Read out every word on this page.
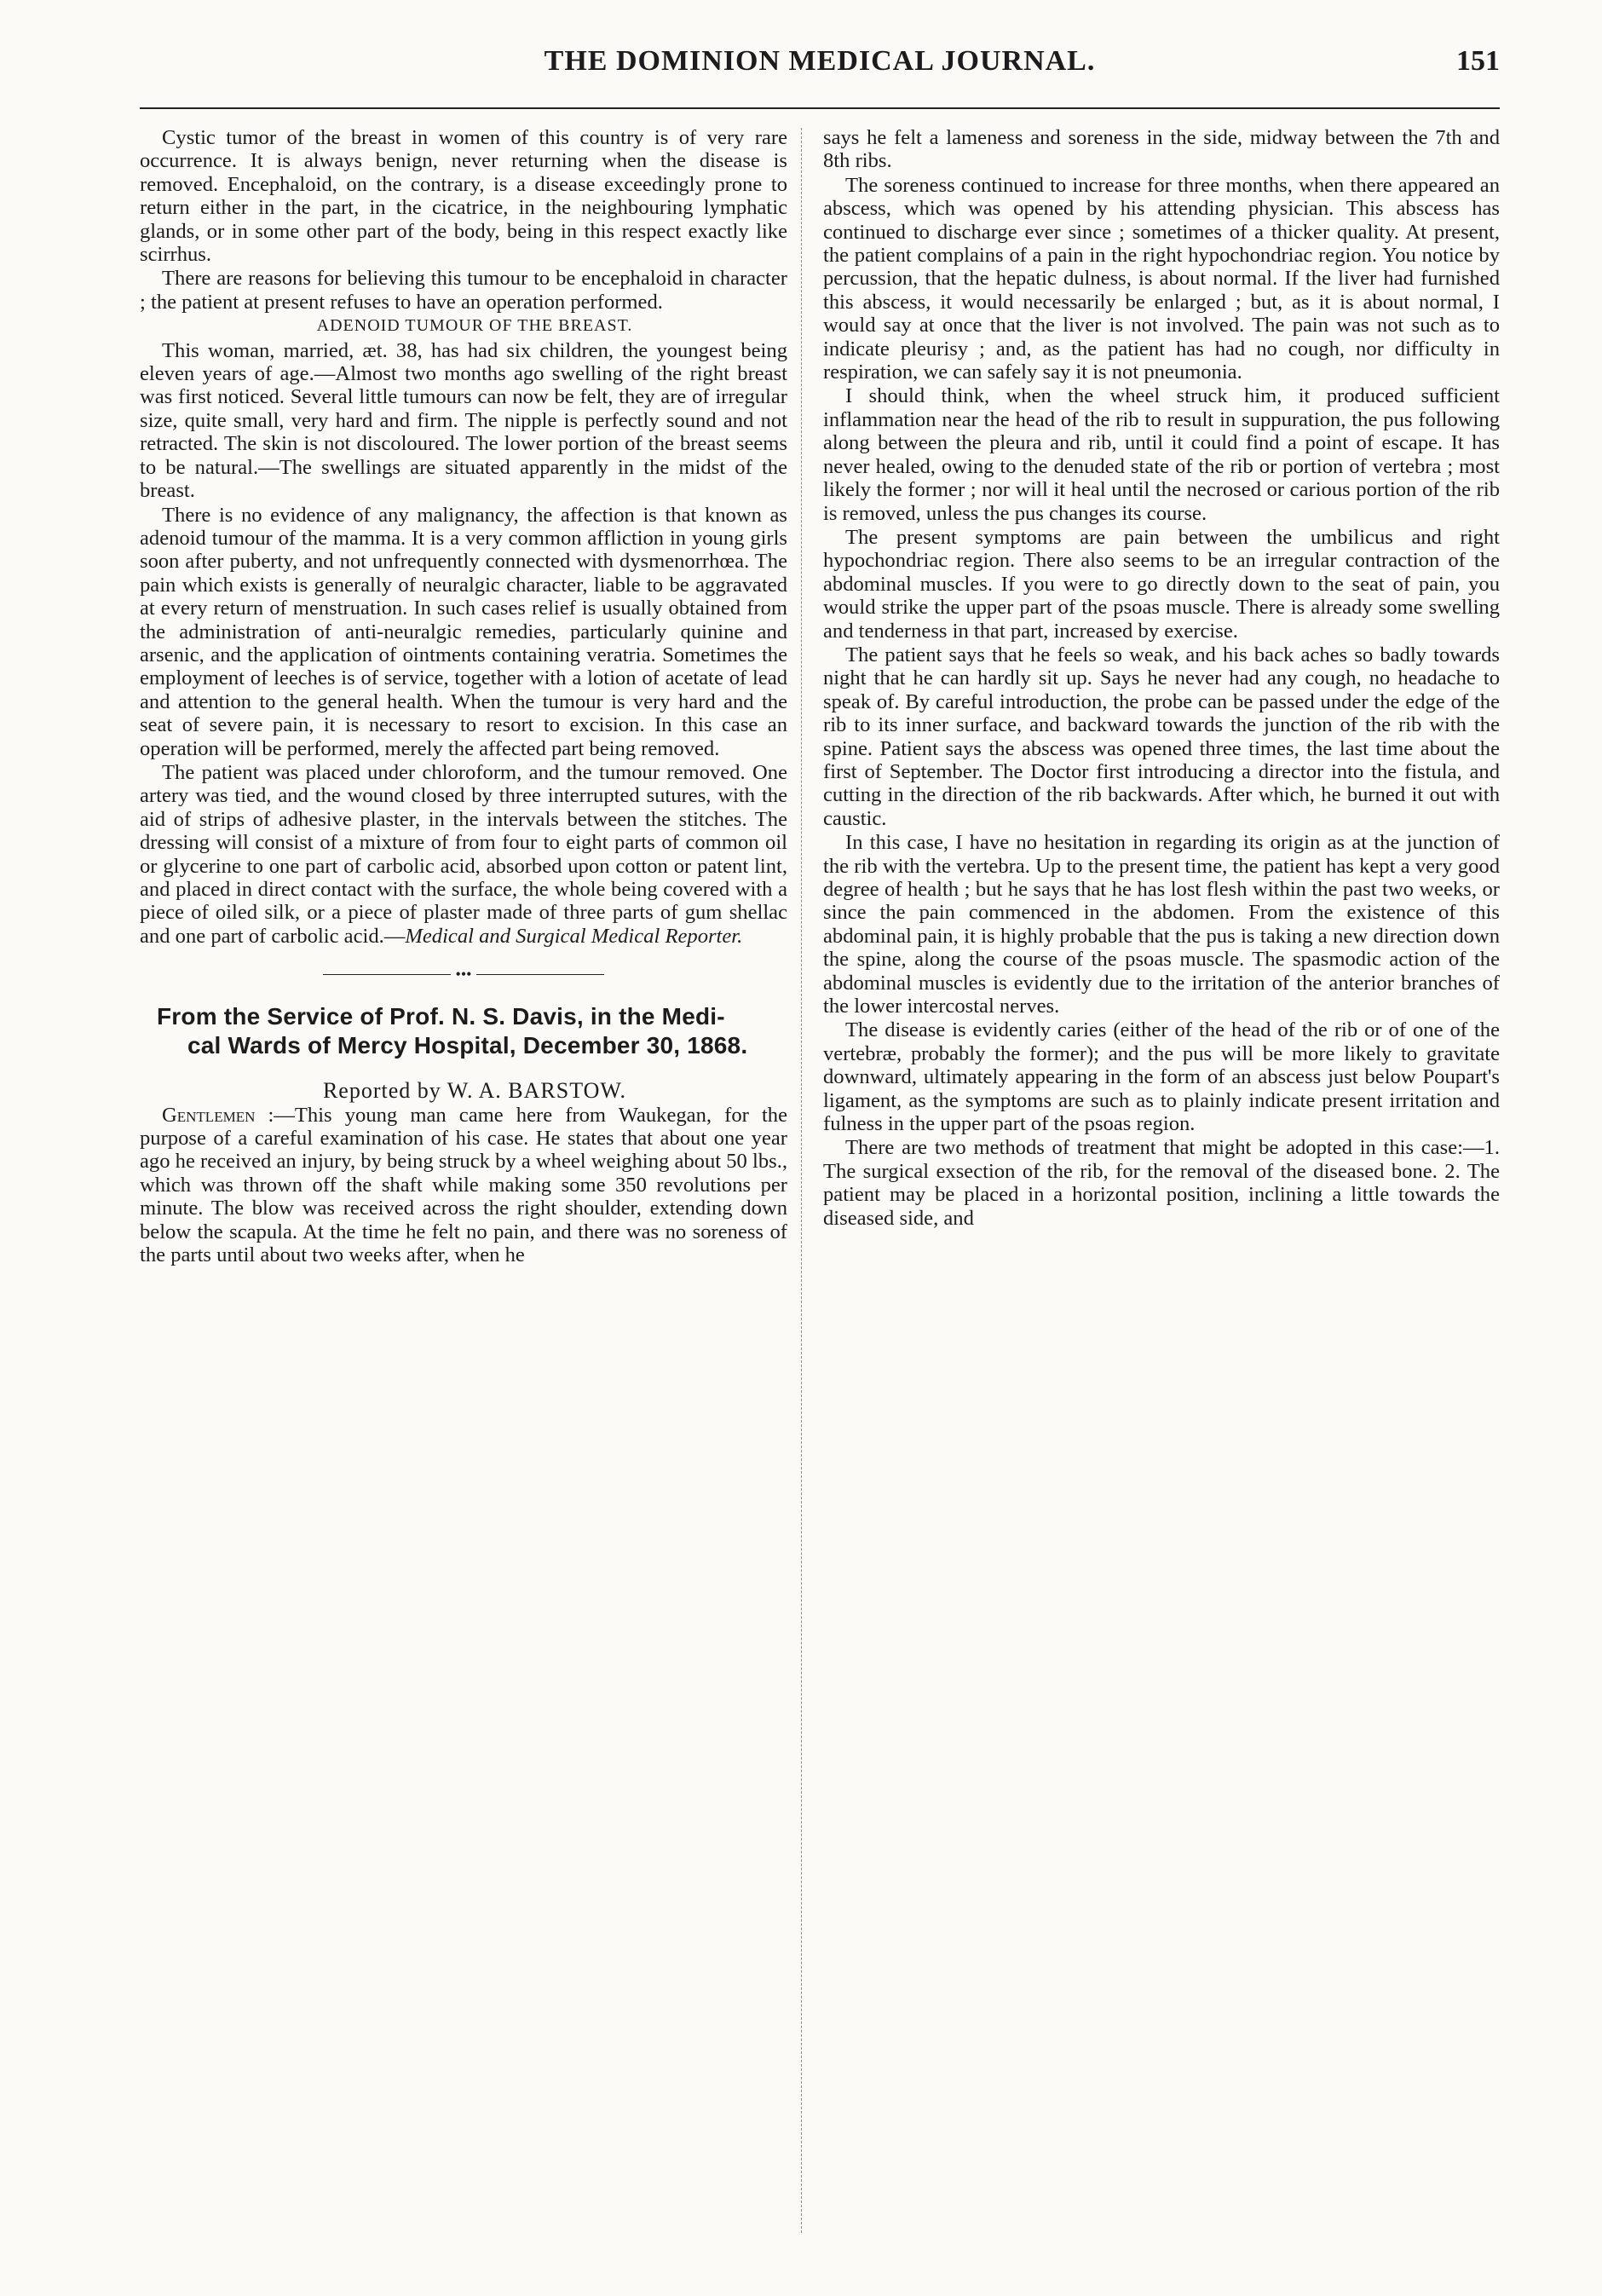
THE DOMINION MEDICAL JOURNAL.	151

Cystic tumor of the breast in women of this country is of very rare occurrence. It is always benign, never returning when the disease is removed. Encephaloid, on the contrary, is a disease exceedingly prone to return either in the part, in the cicatrice, in the neighbouring lymphatic glands, or in some other part of the body, being in this respect exactly like scirrhus.

There are reasons for believing this tumour to be encephaloid in character ; the patient at present refuses to have an operation performed.

ADENOID TUMOUR OF THE BREAST.

This woman, married, æt. 38, has had six children, the youngest being eleven years of age.—Almost two months ago swelling of the right breast was first noticed. Several little tumours can now be felt, they are of irregular size, quite small, very hard and firm. The nipple is perfectly sound and not retracted. The skin is not discoloured. The lower portion of the breast seems to be natural.—The swellings are situated apparently in the midst of the breast.

There is no evidence of any malignancy, the affection is that known as adenoid tumour of the mamma. It is a very common affliction in young girls soon after puberty, and not unfrequently connected with dysmenorrhœa. The pain which exists is generally of neuralgic character, liable to be aggravated at every return of menstruation. In such cases relief is usually obtained from the administration of anti-neuralgic remedies, particularly quinine and arsenic, and the application of ointments containing veratria. Sometimes the employment of leeches is of service, together with a lotion of acetate of lead and attention to the general health. When the tumour is very hard and the seat of severe pain, it is necessary to resort to excision. In this case an operation will be performed, merely the affected part being removed.

The patient was placed under chloroform, and the tumour removed. One artery was tied, and the wound closed by three interrupted sutures, with the aid of strips of adhesive plaster, in the intervals between the stitches. The dressing will consist of a mixture of from four to eight parts of common oil or glycerine to one part of carbolic acid, absorbed upon cotton or patent lint, and placed in direct contact with the surface, the whole being covered with a piece of oiled silk, or a piece of plaster made of three parts of gum shellac and one part of carbolic acid.—Medical and Surgical Medical Reporter.

•••
From the Service of Prof. N. S. Davis, in the Medi-
cal Wards of Mercy Hospital, December 30, 1868.

Reported by W. A. BARSTOW.

Gentlemen :—This young man came here from Waukegan, for the purpose of a careful examination of his case. He states that about one year ago he received an injury, by being struck by a wheel weighing about 50 lbs., which was thrown off the shaft while making some 350 revolutions per minute. The blow was received across the right shoulder, extending down below the scapula. At the time he felt no pain, and there was no soreness of the parts until about two weeks after, when he

says he felt a lameness and soreness in the side, midway between the 7th and 8th ribs.

The soreness continued to increase for three months, when there appeared an abscess, which was opened by his attending physician. This abscess has continued to discharge ever since ; sometimes of a thicker quality. At present, the patient complains of a pain in the right hypochondriac region. You notice by percussion, that the hepatic dulness, is about normal. If the liver had furnished this abscess, it would necessarily be enlarged ; but, as it is about normal, I would say at once that the liver is not involved. The pain was not such as to indicate pleurisy ; and, as the patient has had no cough, nor difficulty in respiration, we can safely say it is not pneumonia.

I should think, when the wheel struck him, it produced sufficient inflammation near the head of the rib to result in suppuration, the pus following along between the pleura and rib, until it could find a point of escape. It has never healed, owing to the denuded state of the rib or portion of vertebra ; most likely the former ; nor will it heal until the necrosed or carious portion of the rib is removed, unless the pus changes its course.

The present symptoms are pain between the umbilicus and right hypochondriac region. There also seems to be an irregular contraction of the abdominal muscles. If you were to go directly down to the seat of pain, you would strike the upper part of the psoas muscle. There is already some swelling and tenderness in that part, increased by exercise.

The patient says that he feels so weak, and his back aches so badly towards night that he can hardly sit up. Says he never had any cough, no headache to speak of. By careful introduction, the probe can be passed under the edge of the rib to its inner surface, and backward towards the junction of the rib with the spine. Patient says the abscess was opened three times, the last time about the first of September. The Doctor first introducing a director into the fistula, and cutting in the direction of the rib backwards. After which, he burned it out with caustic.

In this case, I have no hesitation in regarding its origin as at the junction of the rib with the vertebra. Up to the present time, the patient has kept a very good degree of health ; but he says that he has lost flesh within the past two weeks, or since the pain commenced in the abdomen. From the existence of this abdominal pain, it is highly probable that the pus is taking a new direction down the spine, along the course of the psoas muscle. The spasmodic action of the abdominal muscles is evidently due to the irritation of the anterior branches of the lower intercostal nerves.

The disease is evidently caries (either of the head of the rib or of one of the vertebræ, probably the former); and the pus will be more likely to gravitate downward, ultimately appearing in the form of an abscess just below Poupart's ligament, as the symptoms are such as to plainly indicate present irritation and fulness in the upper part of the psoas region.

There are two methods of treatment that might be adopted in this case:—1. The surgical exsection of the rib, for the removal of the diseased bone. 2. The patient may be placed in a horizontal position, inclining a little towards the diseased side, and
